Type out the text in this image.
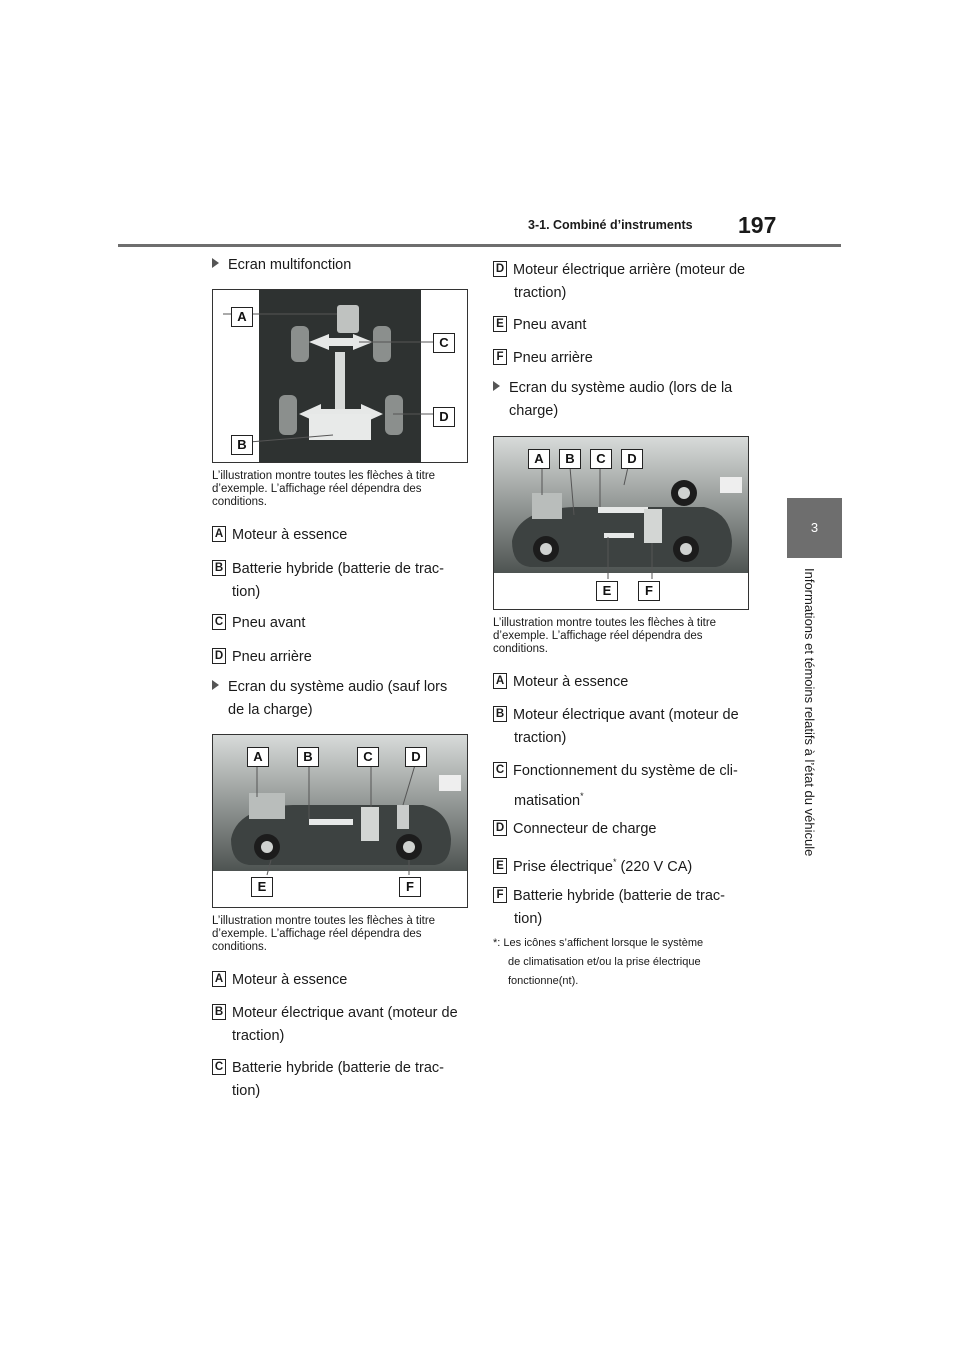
3-1. Combiné d’instruments 197
3
Informations et témoins relatifs à l’état du véhicule
Ecran multifonction
A
B
C
D
L’illustration montre toutes les flèches à titre
d’exemple. L’affichage réel dépendra des
conditions.
A Moteur à essence
B Batterie hybride (batterie de trac-
tion)
C Pneu avant
D Pneu arrière
Ecran du système audio (sauf lors
de la charge)
A	B	C	D
E	F
L’illustration montre toutes les flèches à titre
d’exemple. L’affichage réel dépendra des
conditions.
A Moteur à essence
B Moteur électrique avant (moteur de
traction)
C Batterie hybride (batterie de trac-
tion)
D Moteur électrique arrière (moteur de
traction)
E Pneu avant
F Pneu arrière
Ecran du système audio (lors de la
charge)
A	B	C	D
E	F
L’illustration montre toutes les flèches à titre
d’exemple. L’affichage réel dépendra des
conditions.
A Moteur à essence
B Moteur électrique avant (moteur de
traction)
C Fonctionnement du système de cli-
matisation*
D Connecteur de charge
E Prise électrique* (220 V CA)
F Batterie hybride (batterie de trac-
tion)
*: Les icônes s’affichent lorsque le système
de climatisation et/ou la prise électrique
fonctionne(nt).
